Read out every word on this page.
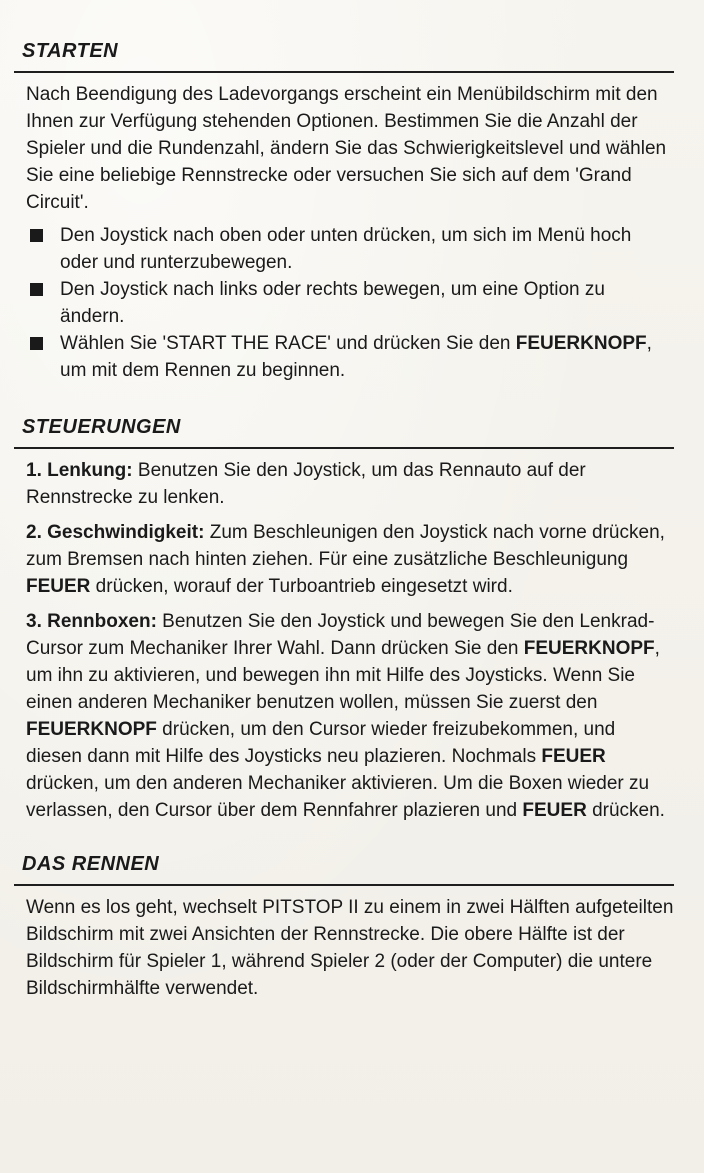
STARTEN

Nach Beendigung des Ladevorgangs erscheint ein Menübildschirm mit den Ihnen zur Verfügung stehenden Optionen. Bestimmen Sie die Anzahl der Spieler und die Rundenzahl, ändern Sie das Schwierigkeitslevel und wählen Sie eine beliebige Rennstrecke oder versuchen Sie sich auf dem 'Grand Circuit'.

Den Joystick nach oben oder unten drücken, um sich im Menü hoch oder und runterzubewegen.
Den Joystick nach links oder rechts bewegen, um eine Option zu ändern.
Wählen Sie 'START THE RACE' und drücken Sie den FEUERKNOPF, um mit dem Rennen zu beginnen.
STEUERUNGEN

1. Lenkung: Benutzen Sie den Joystick, um das Rennauto auf der Rennstrecke zu lenken.

2. Geschwindigkeit: Zum Beschleunigen den Joystick nach vorne drücken, zum Bremsen nach hinten ziehen. Für eine zusätzliche Beschleunigung FEUER drücken, worauf der Turboantrieb eingesetzt wird.

3. Rennboxen: Benutzen Sie den Joystick und bewegen Sie den Lenkrad-Cursor zum Mechaniker Ihrer Wahl. Dann drücken Sie den FEUERKNOPF, um ihn zu aktivieren, und bewegen ihn mit Hilfe des Joysticks. Wenn Sie einen anderen Mechaniker benutzen wollen, müssen Sie zuerst den FEUERKNOPF drücken, um den Cursor wieder freizubekommen, und diesen dann mit Hilfe des Joysticks neu plazieren. Nochmals FEUER drücken, um den anderen Mechaniker aktivieren. Um die Boxen wieder zu verlassen, den Cursor über dem Rennfahrer plazieren und FEUER drücken.

DAS RENNEN

Wenn es los geht, wechselt PITSTOP II zu einem in zwei Hälften aufgeteilten Bildschirm mit zwei Ansichten der Rennstrecke. Die obere Hälfte ist der Bildschirm für Spieler 1, während Spieler 2 (oder der Computer) die untere Bildschirmhälfte verwendet.
